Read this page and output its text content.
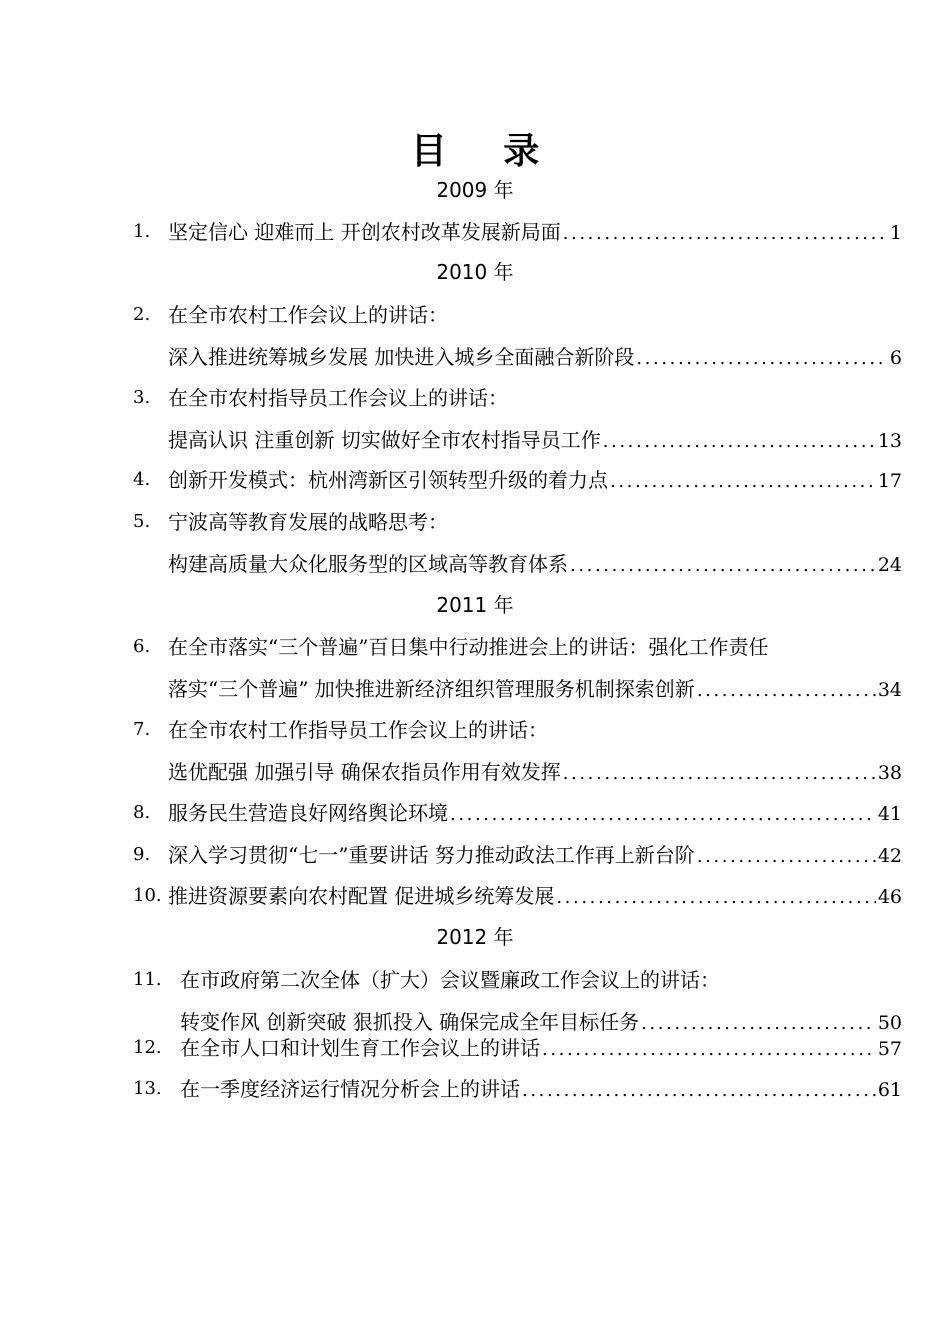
目 录
2009 年
1. 坚定信心 迎难而上 开创农村改革发展新局面 .....	1
2010 年
2. 在全市农村工作会议上的讲话：
深入推进统筹城乡发展 加快进入城乡全面融合新阶段 .....	6
3. 在全市农村指导员工作会议上的讲话：
提高认识 注重创新 切实做好全市农村指导员工作 .....	13
4. 创新开发模式：杭州湾新区引领转型升级的着力点 .....	17
5. 宁波高等教育发展的战略思考：
构建高质量大众化服务型的区域高等教育体系 .....	24
2011 年
6. 在全市落实“三个普遍”百日集中行动推进会上的讲话：强化工作责任
落实“三个普遍” 加快推进新经济组织管理服务机制探索创新 .....	34
7. 在全市农村工作指导员工作会议上的讲话：
选优配强 加强引导 确保农指员作用有效发挥 .....	38
8. 服务民生营造良好网络舆论环境 .....	41
9. 深入学习贯彻“七一”重要讲话 努力推动政法工作再上新台阶 .....	42
10. 推进资源要素向农村配置 促进城乡统筹发展 .....	46
2012 年
11. 在市政府第二次全体（扩大）会议暨廉政工作会议上的讲话：
转变作风 创新突破 狠抓投入 确保完成全年目标任务 .....	50
12. 在全市人口和计划生育工作会议上的讲话 .....	57
13. 在一季度经济运行情况分析会上的讲话 .....	61
